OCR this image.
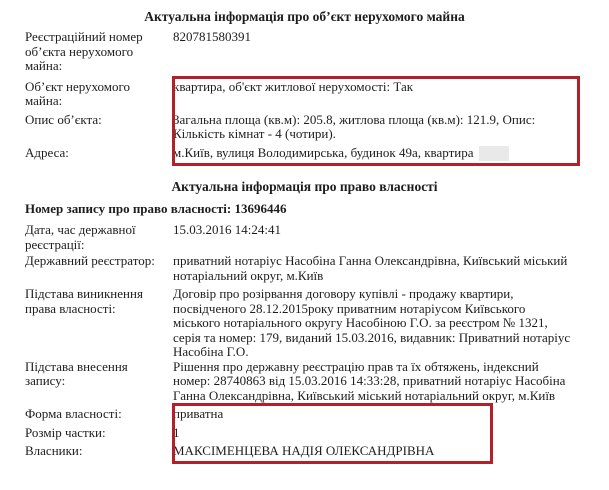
Актуальна інформація про об’єкт нерухомого майна
Реєстраційний номер об’єкта нерухомого майна:
820781580391
Об’єкт нерухомого майна:
квартира, об'єкт житлової нерухомості: Так
Опис об’єкта:	Загальна площа (кв.м): 205.8, житлова площа (кв.м): 121.9, Опис: Кількість кімнат - 4 (чотири).
Адреса:	м.Київ, вулиця Володимирська, будинок 49а, квартира
Актуальна інформація про право власності
Номер запису про право власності: 13696446
Дата, час державної реєстрації:
15.03.2016 14:24:41
Державний реєстратор:	приватний нотаріус Насобіна Ганна Олександрівна, Київський міський нотаріальний округ, м.Київ
Підстава виникнення права власності:
Договір про розірвання договору купівлі - продажу квартири, посвідченого 28.12.2015року приватним нотаріусом Київського міського нотаріального округу Насобіною Г.О. за реєстром № 1321, серія та номер: 179, виданий 15.03.2016, видавник: Приватний нотаріус Насобіна Г.О.
Підстава внесення запису:
Рішення про державну реєстрацію прав та їх обтяжень, індексний номер: 28740863 від 15.03.2016 14:33:28, приватний нотаріус Насобіна Ганна Олександрівна, Київський міський нотаріальний округ, м.Київ
Форма власності:	приватна
Розмір частки:	1
Власники:	МАКСІМЕНЦЕВА НАДІЯ ОЛЕКСАНДРІВНА
